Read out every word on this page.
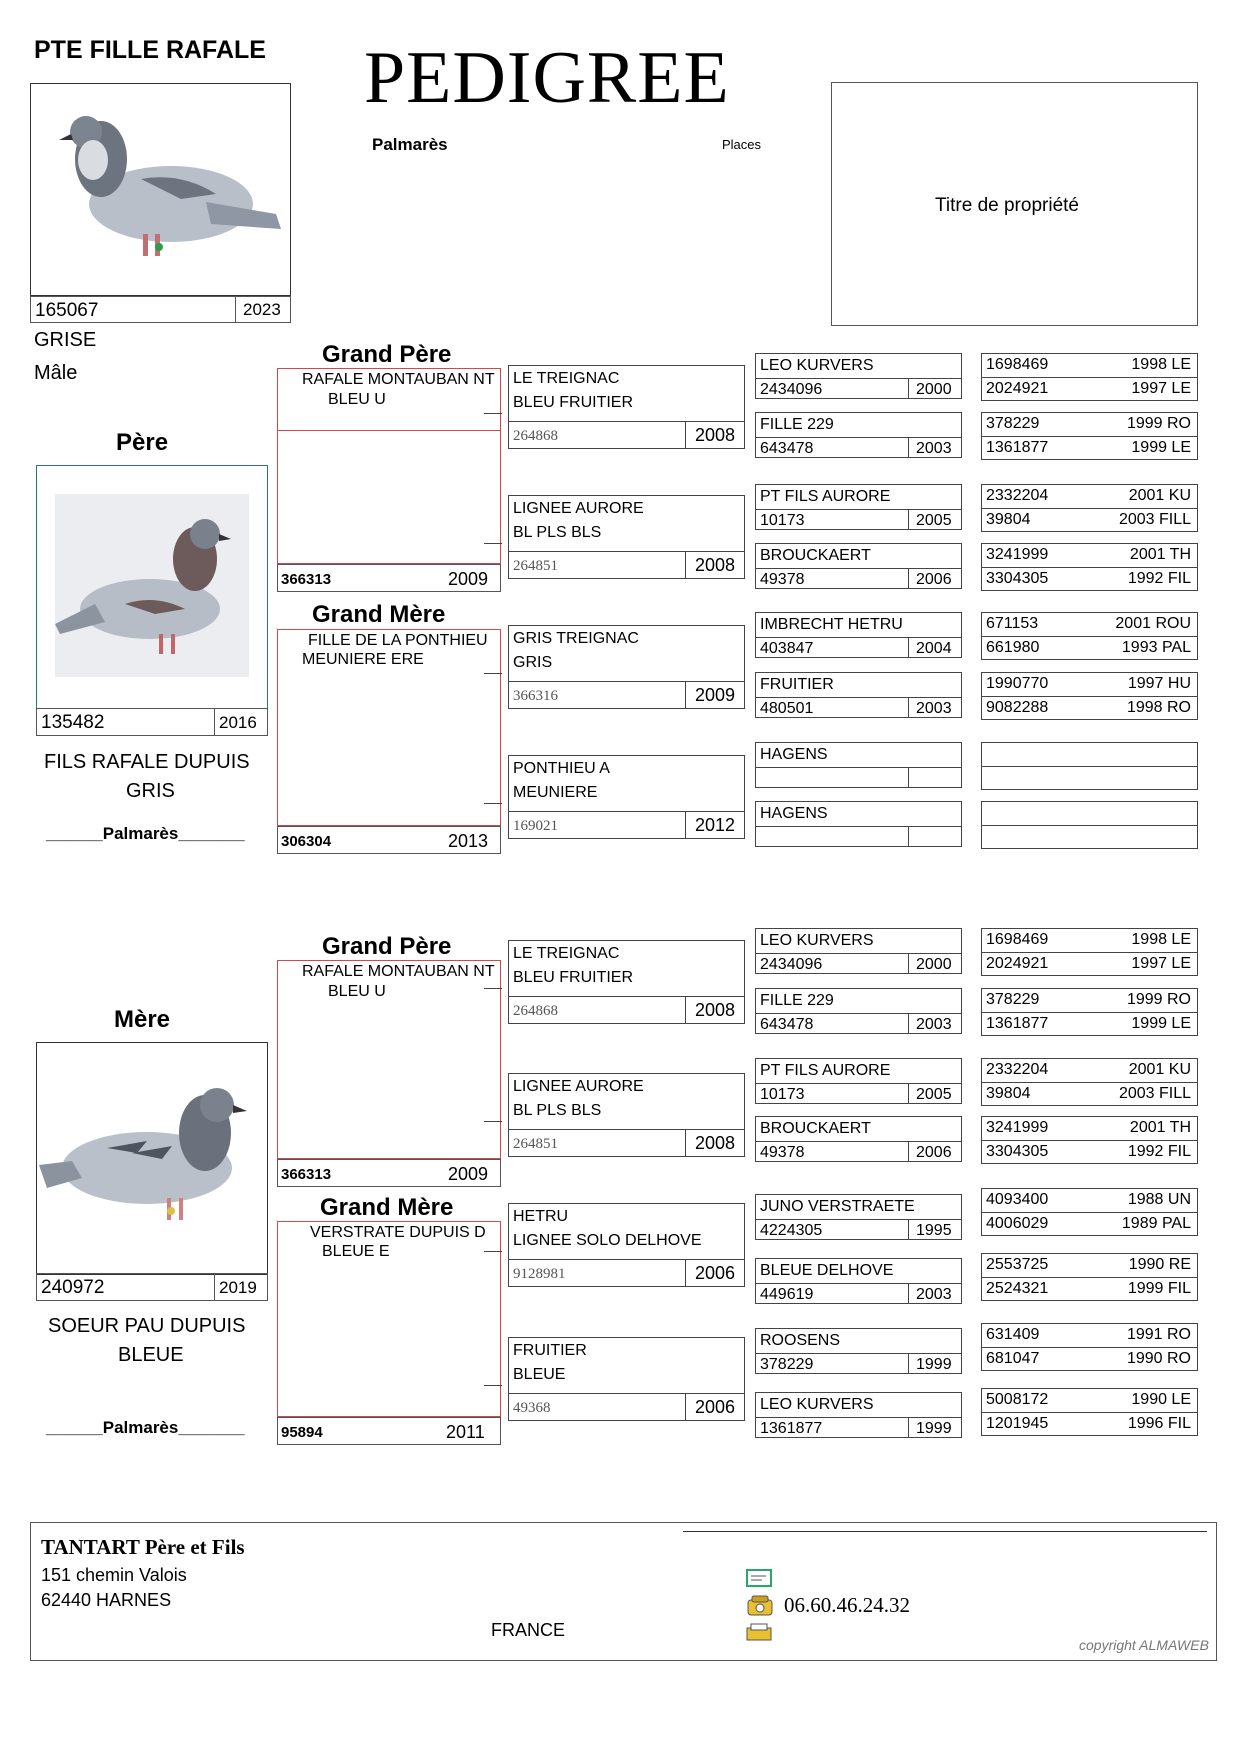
PTE FILLE RAFALE PEDIGREE
Palmarès	Places
Titre de propriété
165067	2023
GRISE
Mâle
Père
135482	2016
FILS RAFALE DUPUIS
GRIS
______Palmarès_______
Grand Père
RAFALE MONTAUBAN NT
BLEU U
366313	2009
Grand Mère
FILLE DE LA PONTHIEU
MEUNIERE ERE
306304	2013
Mère
240972	2019
SOEUR PAU DUPUIS
BLEUE
______Palmarès_______
Grand Père
RAFALE MONTAUBAN NT
BLEU U
366313	2009
Grand Mère
VERSTRATE DUPUIS D
BLEUE E
95894	2011
LE TREIGNAC
BLEU FRUITIER
264868	2008
LIGNEE AURORE
BL PLS BLS
264851	2008
GRIS TREIGNAC
GRIS
366316	2009
PONTHIEU A
MEUNIERE
169021	2012
LE TREIGNAC
BLEU FRUITIER
264868	2008
LIGNEE AURORE
BL PLS BLS
264851	2008
HETRU
LIGNEE SOLO DELHOVE
9128981	2006
FRUITIER
BLEUE
49368	2006
LEO KURVERS
2434096	2000
FILLE 229
643478	2003
PT FILS AURORE
10173	2005
BROUCKAERT
49378	2006
IMBRECHT HETRU
403847	2004
FRUITIER
480501	2003
HAGENS
HAGENS
LEO KURVERS
2434096	2000
FILLE 229
643478	2003
PT FILS AURORE
10173	2005
BROUCKAERT
49378	2006
JUNO VERSTRAETE
4224305	1995
BLEUE DELHOVE
449619	2003
ROOSENS
378229	1999
LEO KURVERS
1361877	1999
1698469	1998 LE
2024921	1997 LE
378229	1999 RO
1361877	1999 LE
2332204	2001 KU
39804	2003 FILL
3241999	2001 TH
3304305	1992 FIL
671153	2001 ROU
661980	1993 PAL
1990770	1997 HU
9082288	1998 RO
1698469	1998 LE
2024921	1997 LE
378229	1999 RO
1361877	1999 LE
2332204	2001 KU
39804	2003 FILL
3241999	2001 TH
3304305	1992 FIL
4093400	1988 UN
4006029	1989 PAL
2553725	1990 RE
2524321	1999 FIL
631409	1991 RO
681047	1990 RO
5008172	1990 LE
1201945	1996 FIL
TANTART Père et Fils
151 chemin Valois
62440 HARNES
FRANCE
06.60.46.24.32
copyright ALMAWEB
